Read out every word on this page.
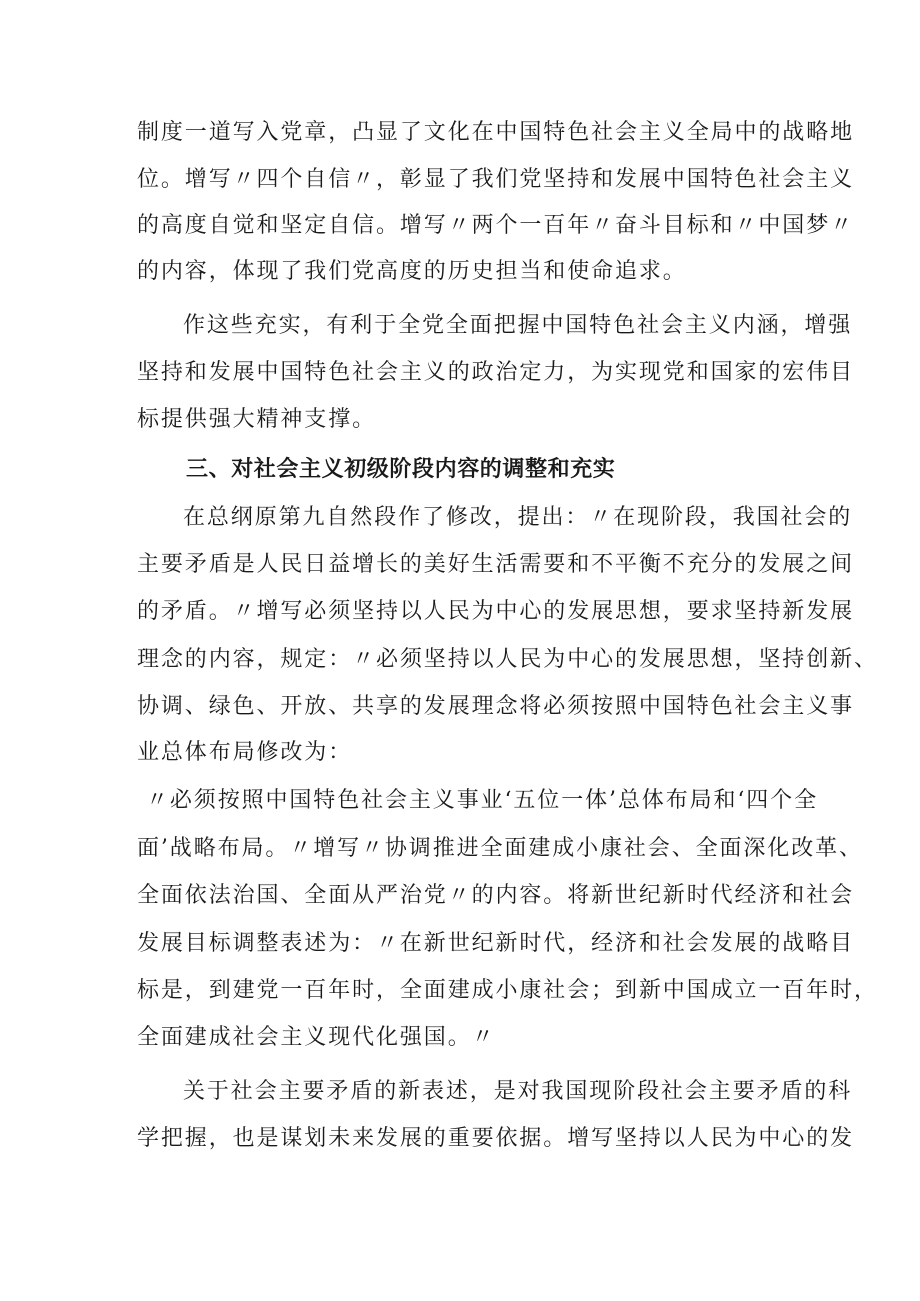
制度一道写入党章，凸显了文化在中国特色社会主义全局中的战略地
位。增写〃四个自信〃，彰显了我们党坚持和发展中国特色社会主义
的高度自觉和坚定自信。增写〃两个一百年〃奋斗目标和〃中国梦〃
的内容，体现了我们党高度的历史担当和使命追求。
作这些充实，有利于全党全面把握中国特色社会主义内涵，增强
坚持和发展中国特色社会主义的政治定力，为实现党和国家的宏伟目
标提供强大精神支撑。
三、对社会主义初级阶段内容的调整和充实
在总纲原第九自然段作了修改，提出：〃在现阶段，我国社会的
主要矛盾是人民日益增长的美好生活需要和不平衡不充分的发展之间
的矛盾。〃增写必须坚持以人民为中心的发展思想，要求坚持新发展
理念的内容，规定：〃必须坚持以人民为中心的发展思想，坚持创新、
协调、绿色、开放、共享的发展理念将必须按照中国特色社会主义事
业总体布局修改为：
〃必须按照中国特色社会主义事业‘五位一体’总体布局和‘四个全
面’战略布局。〃增写〃协调推进全面建成小康社会、全面深化改革、
全面依法治国、全面从严治党〃的内容。将新世纪新时代经济和社会
发展目标调整表述为：〃在新世纪新时代，经济和社会发展的战略目
标是，到建党一百年时，全面建成小康社会；到新中国成立一百年时，
全面建成社会主义现代化强国。〃
关于社会主要矛盾的新表述，是对我国现阶段社会主要矛盾的科
学把握，也是谋划未来发展的重要依据。增写坚持以人民为中心的发
